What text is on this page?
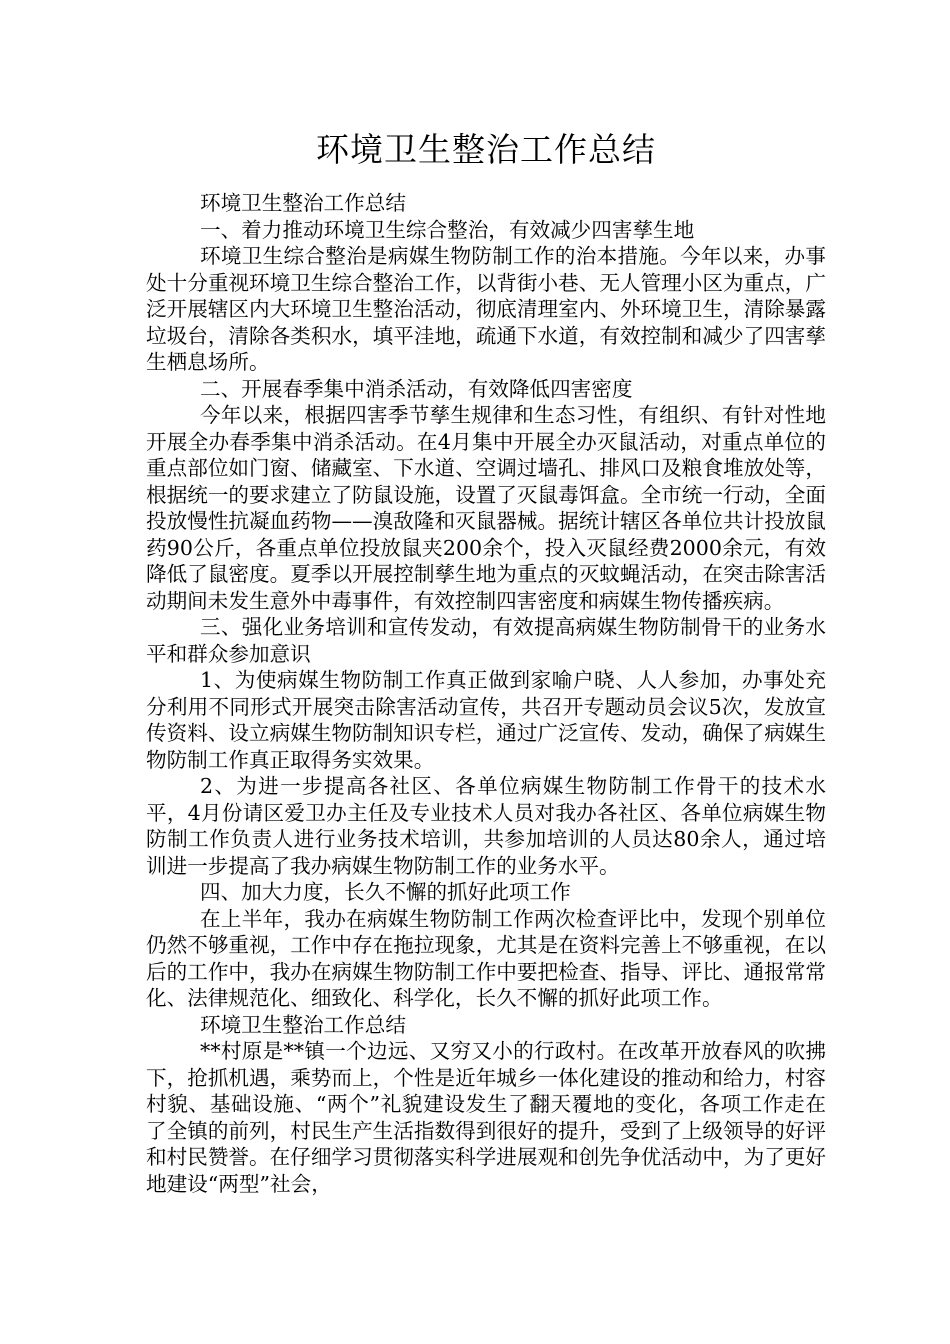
环境卫生整治工作总结

环境卫生整治工作总结

一、着力推动环境卫生综合整治，有效减少四害孳生地

环境卫生综合整治是病媒生物防制工作的治本措施。今年以来，办事处十分重视环境卫生综合整治工作，以背街小巷、无人管理小区为重点，广泛开展辖区内大环境卫生整治活动，彻底清理室内、外环境卫生，清除暴露垃圾台，清除各类积水，填平洼地，疏通下水道，有效控制和减少了四害孳生栖息场所。

二、开展春季集中消杀活动，有效降低四害密度

今年以来，根据四害季节孳生规律和生态习性，有组织、有针对性地开展全办春季集中消杀活动。在4月集中开展全办灭鼠活动，对重点单位的重点部位如门窗、储藏室、下水道、空调过墙孔、排风口及粮食堆放处等，根据统一的要求建立了防鼠设施，设置了灭鼠毒饵盒。全市统一行动，全面投放慢性抗凝血药物——溴敌隆和灭鼠器械。据统计辖区各单位共计投放鼠药90公斤，各重点单位投放鼠夹200余个，投入灭鼠经费2000余元，有效降低了鼠密度。夏季以开展控制孳生地为重点的灭蚊蝇活动，在突击除害活动期间未发生意外中毒事件，有效控制四害密度和病媒生物传播疾病。

三、强化业务培训和宣传发动，有效提高病媒生物防制骨干的业务水平和群众参加意识

1、为使病媒生物防制工作真正做到家喻户晓、人人参加，办事处充分利用不同形式开展突击除害活动宣传，共召开专题动员会议5次，发放宣传资料、设立病媒生物防制知识专栏，通过广泛宣传、发动，确保了病媒生物防制工作真正取得务实效果。

2、为进一步提高各社区、各单位病媒生物防制工作骨干的技术水平，4月份请区爱卫办主任及专业技术人员对我办各社区、各单位病媒生物防制工作负责人进行业务技术培训，共参加培训的人员达80余人，通过培训进一步提高了我办病媒生物防制工作的业务水平。

四、加大力度，长久不懈的抓好此项工作

在上半年，我办在病媒生物防制工作两次检查评比中，发现个别单位仍然不够重视，工作中存在拖拉现象，尤其是在资料完善上不够重视，在以后的工作中，我办在病媒生物防制工作中要把检查、指导、评比、通报常常化、法律规范化、细致化、科学化，长久不懈的抓好此项工作。

环境卫生整治工作总结

**村原是**镇一个边远、又穷又小的行政村。在改革开放春风的吹拂下，抢抓机遇，乘势而上，个性是近年城乡一体化建设的推动和给力，村容村貌、基础设施、“两个”礼貌建设发生了翻天覆地的变化，各项工作走在了全镇的前列，村民生产生活指数得到很好的提升，受到了上级领导的好评和村民赞誉。在仔细学习贯彻落实科学进展观和创先争优活动中，为了更好地建设“两型”社会，
